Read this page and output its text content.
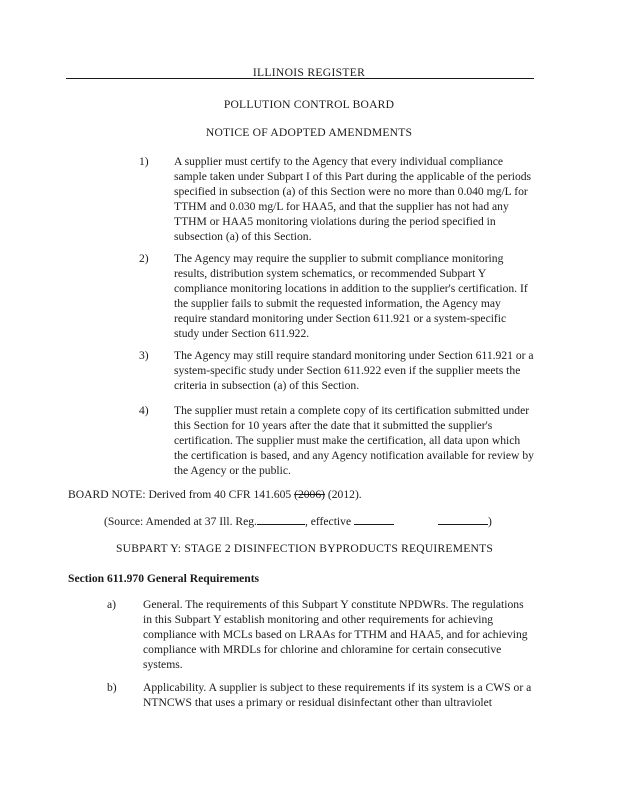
ILLINOIS REGISTER

POLLUTION CONTROL BOARD

NOTICE OF ADOPTED AMENDMENTS

1) A supplier must certify to the Agency that every individual compliance sample taken under Subpart I of this Part during the applicable of the periods specified in subsection (a) of this Section were no more than 0.040 mg/L for TTHM and 0.030 mg/L for HAA5, and that the supplier has not had any TTHM or HAA5 monitoring violations during the period specified in subsection (a) of this Section.

2) The Agency may require the supplier to submit compliance monitoring results, distribution system schematics, or recommended Subpart Y compliance monitoring locations in addition to the supplier's certification. If the supplier fails to submit the requested information, the Agency may require standard monitoring under Section 611.921 or a system-specific study under Section 611.922.

3) The Agency may still require standard monitoring under Section 611.921 or a system-specific study under Section 611.922 even if the supplier meets the criteria in subsection (a) of this Section.

4) The supplier must retain a complete copy of its certification submitted under this Section for 10 years after the date that it submitted the supplier's certification. The supplier must make the certification, all data upon which the certification is based, and any Agency notification available for review by the Agency or the public.

BOARD NOTE: Derived from 40 CFR 141.605 (2006) (2012).

(Source: Amended at 37 Ill. Reg.	, effective	)

SUBPART Y: STAGE 2 DISINFECTION BYPRODUCTS REQUIREMENTS

Section 611.970 General Requirements

a) General. The requirements of this Subpart Y constitute NPDWRs. The regulations in this Subpart Y establish monitoring and other requirements for achieving compliance with MCLs based on LRAAs for TTHM and HAA5, and for achieving compliance with MRDLs for chlorine and chloramine for certain consecutive systems.

b) Applicability. A supplier is subject to these requirements if its system is a CWS or a NTNCWS that uses a primary or residual disinfectant other than ultraviolet
